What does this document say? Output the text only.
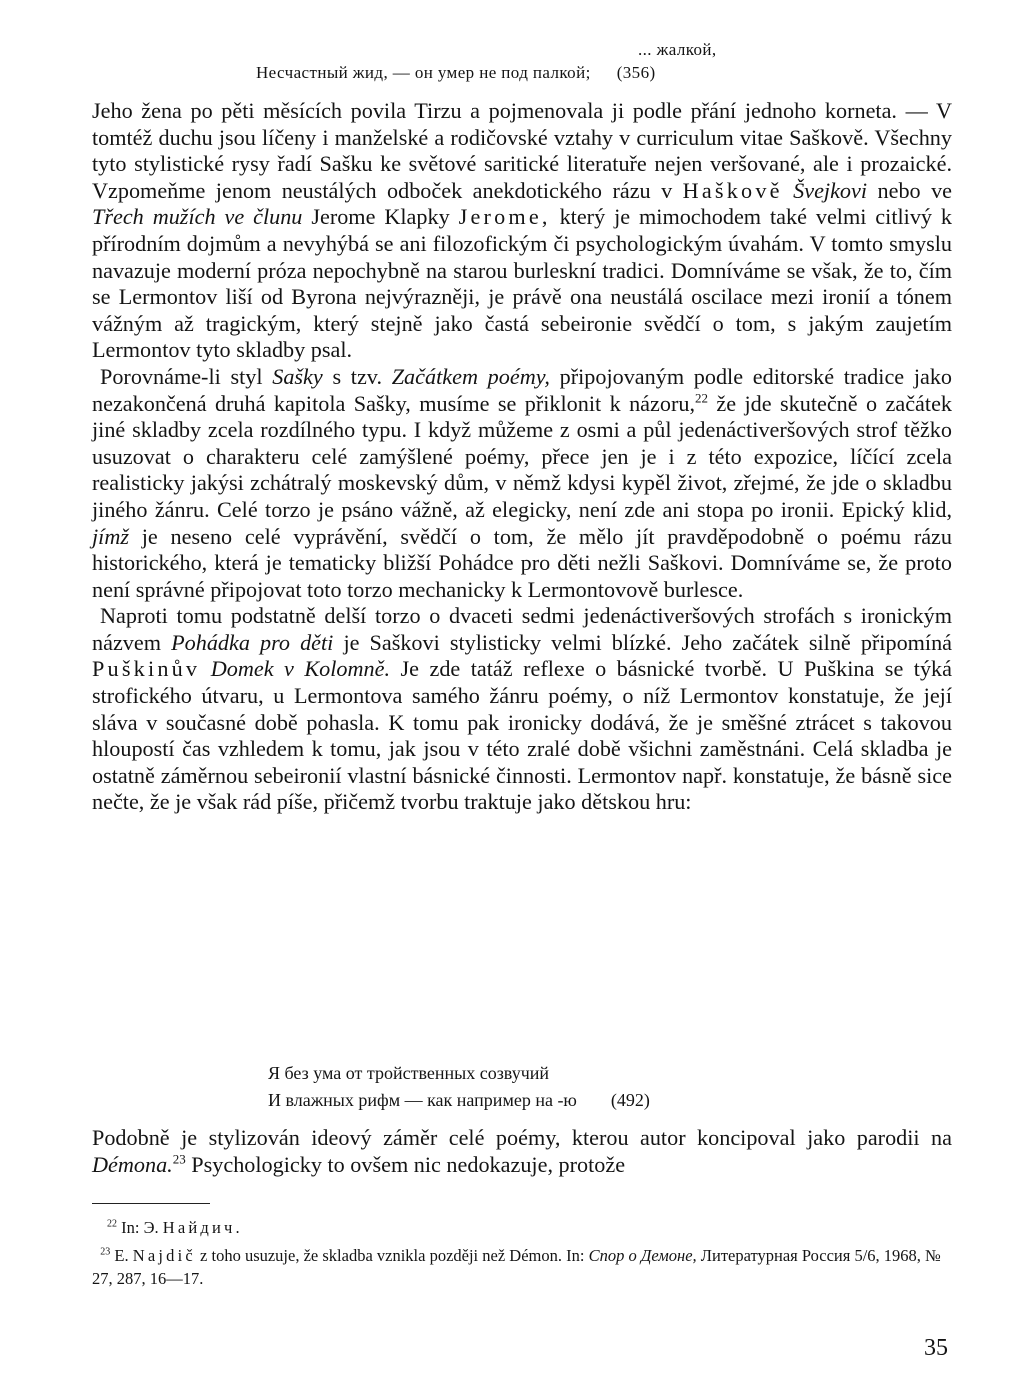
... жалкой,
Несчастный жид, — он умер не под палкой; (356)

Jeho žena po pěti měsících povila Tirzu a pojmenovala ji podle přání jednoho korneta. — V tomtéž duchu jsou líčeny i manželské a rodičovské vztahy v curriculum vitae Saškově. Všechny tyto stylistické rysy řadí Sašku ke světové saritické literatuře nejen veršované, ale i prozaické. Vzpomeňme jenom neustálých odboček anekdotického rázu v Haškově Švejkovi nebo ve Třech mužích ve člunu Jerome Klapky Jerome, který je mimochodem také velmi citlivý k přírodním dojmům a nevyhýbá se ani filozofickým či psychologickým úvahám. V tomto smyslu navazuje moderní próza nepochybně na starou burleskní tradici. Domníváme se však, že to, čím se Lermontov liší od Byrona nejvýrazněji, je právě ona neustálá oscilace mezi ironií a tónem vážným až tragickým, který stejně jako častá sebeironie svědčí o tom, s jakým zaujetím Lermontov tyto skladby psal.

Porovnáme-li styl Sašky s tzv. Začátkem poémy, připojovaným podle editorské tradice jako nezakončená druhá kapitola Sašky, musíme se přiklonit k názoru,$^{22}$ že jde skutečně o začátek jiné skladby zcela rozdílného typu. I když můžeme z osmi a půl jedenáctiveršových strof těžko usuzovat o charakteru celé zamýšlené poémy, přece jen je i z této expozice, líčící zcela realisticky jakýsi zchátralý moskevský dům, v němž kdysi kypěl život, zřejmé, že jde o skladbu jiného žánru. Celé torzo je psáno vážně, až elegicky, není zde ani stopa po ironii. Epický klid, jímž je neseno celé vyprávění, svědčí o tom, že mělo jít pravděpodobně o poému rázu historického, která je tematicky bližší Pohádce pro děti nežli Saškovi. Domníváme se, že proto není správné připojovat toto torzo mechanicky k Lermontovově burlesce.

Naproti tomu podstatně delší torzo o dvaceti sedmi jedenáctiveršových strofách s ironickým názvem Pohádka pro děti je Saškovi stylisticky velmi blízké. Jeho začátek silně připomíná Puškinův Domek v Kolomně. Je zde tatáž reflexe o básnické tvorbě. U Puškina se týká strofického útvaru, u Lermontova samého žánru poémy, o níž Lermontov konstatuje, že její sláva v současné době pohasla. K tomu pak ironicky dodává, že je směšné ztrácet s takovou hloupostí čas vzhledem k tomu, jak jsou v této zralé době všichni zaměstnáni. Celá skladba je ostatně záměrnou sebeironií vlastní básnické činnosti. Lermontov např. konstatuje, že básně sice nečte, že je však rád píše, přičemž tvorbu traktuje jako dětskou hru:

Я без ума от тройственных созвучий
И влажных рифм — как например на -ю (492)

Podobně je stylizován ideový záměr celé poémy, kterou autor koncipoval jako parodii na Démona.$^{23}$ Psychologicky to ovšem nic nedokazuje, protože

$^{22}$ In: Э. Найдич.
$^{23}$ E. Najdič z toho usuzuje, že skladba vznikla později než Démon. In: Спор о Демоне, Литературная Россия 5/6, 1968, № 27, 287, 16—17.
35
